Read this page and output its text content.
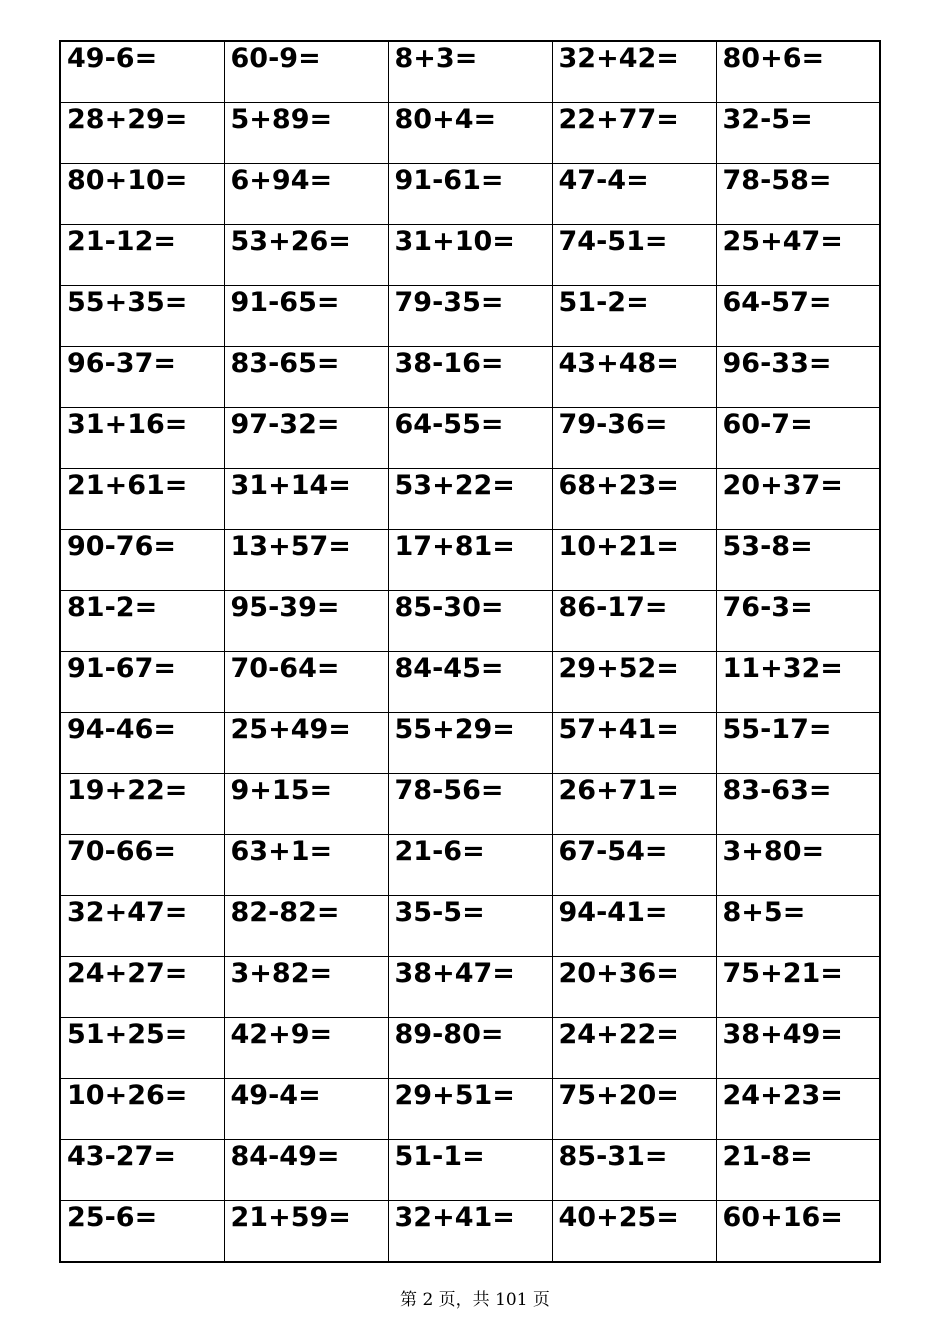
49-6=	60-9=	8+3=	32+42=	80+6=
28+29=	5+89=	80+4=	22+77=	32-5=
80+10=	6+94=	91-61=	47-4=	78-58=
21-12=	53+26=	31+10=	74-51=	25+47=
55+35=	91-65=	79-35=	51-2=	64-57=
96-37=	83-65=	38-16=	43+48=	96-33=
31+16=	97-32=	64-55=	79-36=	60-7=
21+61=	31+14=	53+22=	68+23=	20+37=
90-76=	13+57=	17+81=	10+21=	53-8=
81-2=	95-39=	85-30=	86-17=	76-3=
91-67=	70-64=	84-45=	29+52=	11+32=
94-46=	25+49=	55+29=	57+41=	55-17=
19+22=	9+15=	78-56=	26+71=	83-63=
70-66=	63+1=	21-6=	67-54=	3+80=
32+47=	82-82=	35-5=	94-41=	8+5=
24+27=	3+82=	38+47=	20+36=	75+21=
51+25=	42+9=	89-80=	24+22=	38+49=
10+26=	49-4=	29+51=	75+20=	24+23=
43-27=	84-49=	51-1=	85-31=	21-8=
25-6=	21+59=	32+41=	40+25=	60+16=
第 2 页，共 101 页
